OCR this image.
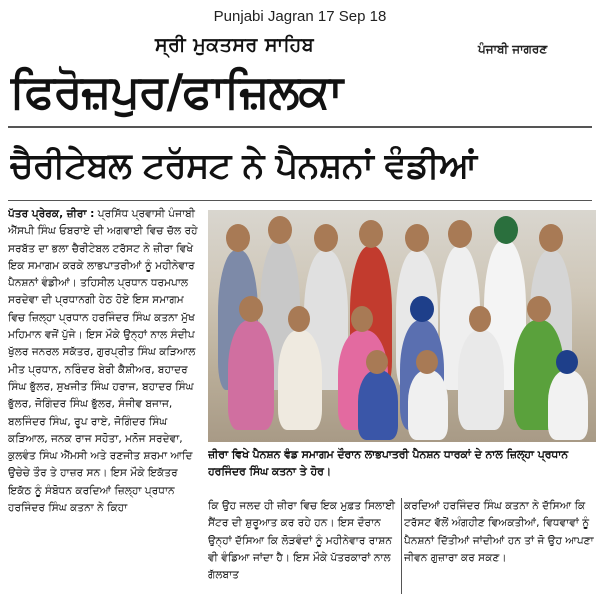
Punjabi Jagran 17 Sep 18
ਸ੍ਰੀ ਮੁਕਤਸਰ ਸਾਹਿਬ	ਪੰਜਾਬੀ ਜਾਗਰਣ
ਫਿਰੋਜ਼ਪੁਰ/ਫਾਜ਼ਿਲਕਾ
ਚੈਰੀਟੇਬਲ ਟਰੱਸਟ ਨੇ ਪੈਨਸ਼ਨਾਂ ਵੰਡੀਆਂ

ਪੱਤਰ ਪ੍ਰੇਰਕ, ਜ਼ੀਰਾ : ਪ੍ਰਸਿੱਧ ਪ੍ਰਵਾਸੀ ਪੰਜਾਬੀ ਐੱਸਪੀ ਸਿੰਘ ਓਬਰਾਏ ਦੀ ਅਗਵਾਈ ਵਿਚ ਚੱਲ ਰਹੇ ਸਰਬੱਤ ਦਾ ਭਲਾ ਚੈਰੀਟੇਬਲ ਟਰੱਸਟ ਨੇ ਜ਼ੀਰਾ ਵਿਖੇ ਇਕ ਸਮਾਗਮ ਕਰਕੇ ਲਾਭਪਾਤਰੀਆਂ ਨੂੰ ਮਹੀਨੇਵਾਰ ਪੈਨਸ਼ਨਾਂ ਵੰਡੀਆਂ। ਤਹਿਸੀਲ ਪ੍ਰਧਾਨ ਧਰਮਪਾਲ ਸਰਦੇਵਾ ਦੀ ਪ੍ਰਧਾਨਗੀ ਹੇਠ ਹੋਏ ਇਸ ਸਮਾਗਮ ਵਿਚ ਜ਼ਿਲ੍ਹਾ ਪ੍ਰਧਾਨ ਹਰਜਿੰਦਰ ਸਿੰਘ ਕਤਨਾ ਮੁੱਖ ਮਹਿਮਾਨ ਵਜੋਂ ਪੁੱਜੇ। ਇਸ ਮੌਕੇ ਉਨ੍ਹਾਂ ਨਾਲ ਸੰਦੀਪ ਖੁੱਲਰ ਜਨਰਲ ਸਕੱਤਰ, ਗੁਰਪ੍ਰੀਤ ਸਿੰਘ ਕੜਿਆਲ ਮੀਤ ਪ੍ਰਧਾਨ, ਨਰਿੰਦਰ ਬੇਰੀ ਕੈਸ਼ੀਅਰ, ਬਹਾਦਰ ਸਿੰਘ ਭੁੱਲਰ, ਸੁਖਜੀਤ ਸਿੰਘ ਹਰਾਜ, ਬਹਾਦਰ ਸਿੰਘ ਭੁੱਲਰ, ਜੋਗਿੰਦਰ ਸਿੰਘ ਭੁੱਲਰ, ਸੰਜੀਵ ਬਜਾਜ, ਬਲਜਿੰਦਰ ਸਿੰਘ, ਰੂਪ ਰਾਏ, ਜੋਗਿੰਦਰ ਸਿੰਘ ਕੜਿਆਲ, ਜਨਕ ਰਾਜ ਸਹੋਤਾ, ਮਨੋਜ ਸਰਦੇਵਾ, ਕੁਲਵੰਤ ਸਿੰਘ ਐੱਮਸੀ ਅਤੇ ਰਣਜੀਤ ਸ਼ਰਮਾ ਆਦਿ ਉਚੇਚੇ ਤੌਰ ਤੇ ਹਾਜ਼ਰ ਸਨ। ਇਸ ਮੌਕੇ ਇਕੱਤਰ ਇਕੱਠ ਨੂੰ ਸੰਬੋਧਨ ਕਰਦਿਆਂ ਜ਼ਿਲ੍ਹਾ ਪ੍ਰਧਾਨ ਹਰਜਿੰਦਰ ਸਿੰਘ ਕਤਨਾ ਨੇ ਕਿਹਾ

ਜ਼ੀਰਾ ਵਿਖੇ ਪੈਨਸ਼ਨ ਵੰਡ ਸਮਾਗਮ ਦੌਰਾਨ ਲਾਭਪਾਤਰੀ ਪੈਨਸ਼ਨ ਧਾਰਕਾਂ ਦੇ ਨਾਲ ਜ਼ਿਲ੍ਹਾ ਪ੍ਰਧਾਨ ਹਰਜਿੰਦਰ ਸਿੰਘ ਕਤਨਾ ਤੇ ਹੋਰ।
ਕਿ ਉਹ ਜਲਦ ਹੀ ਜ਼ੀਰਾ ਵਿਚ ਇਕ ਮੁਫ਼ਤ ਸਿਲਾਈ ਸੈਂਟਰ ਦੀ ਸ਼ੁਰੂਆਤ ਕਰ ਰਹੇ ਹਨ। ਇਸ ਦੌਰਾਨ ਉਨ੍ਹਾਂ ਦੱਸਿਆ ਕਿ ਲੋੜਵੰਦਾਂ ਨੂੰ ਮਹੀਨੇਵਾਰ ਰਾਸ਼ਨ ਵੀ ਵੰਡਿਆ ਜਾਂਦਾ ਹੈ। ਇਸ ਮੌਕੇ ਪੱਤਰਕਾਰਾਂ ਨਾਲ ਗੱਲਬਾਤ
ਕਰਦਿਆਂ ਹਰਜਿੰਦਰ ਸਿੰਘ ਕਤਨਾ ਨੇ ਦੱਸਿਆ ਕਿ ਟਰੱਸਟ ਵੱਲੋਂ ਅੰਗਹੀਣ ਵਿਅਕਤੀਆਂ, ਵਿਧਵਾਵਾਂ ਨੂੰ ਪੈਨਸ਼ਨਾਂ ਦਿੱਤੀਆਂ ਜਾਂਦੀਆਂ ਹਨ ਤਾਂ ਜੋ ਉਹ ਆਪਣਾ ਜੀਵਨ ਗੁਜ਼ਾਰਾ ਕਰ ਸਕਣ।
